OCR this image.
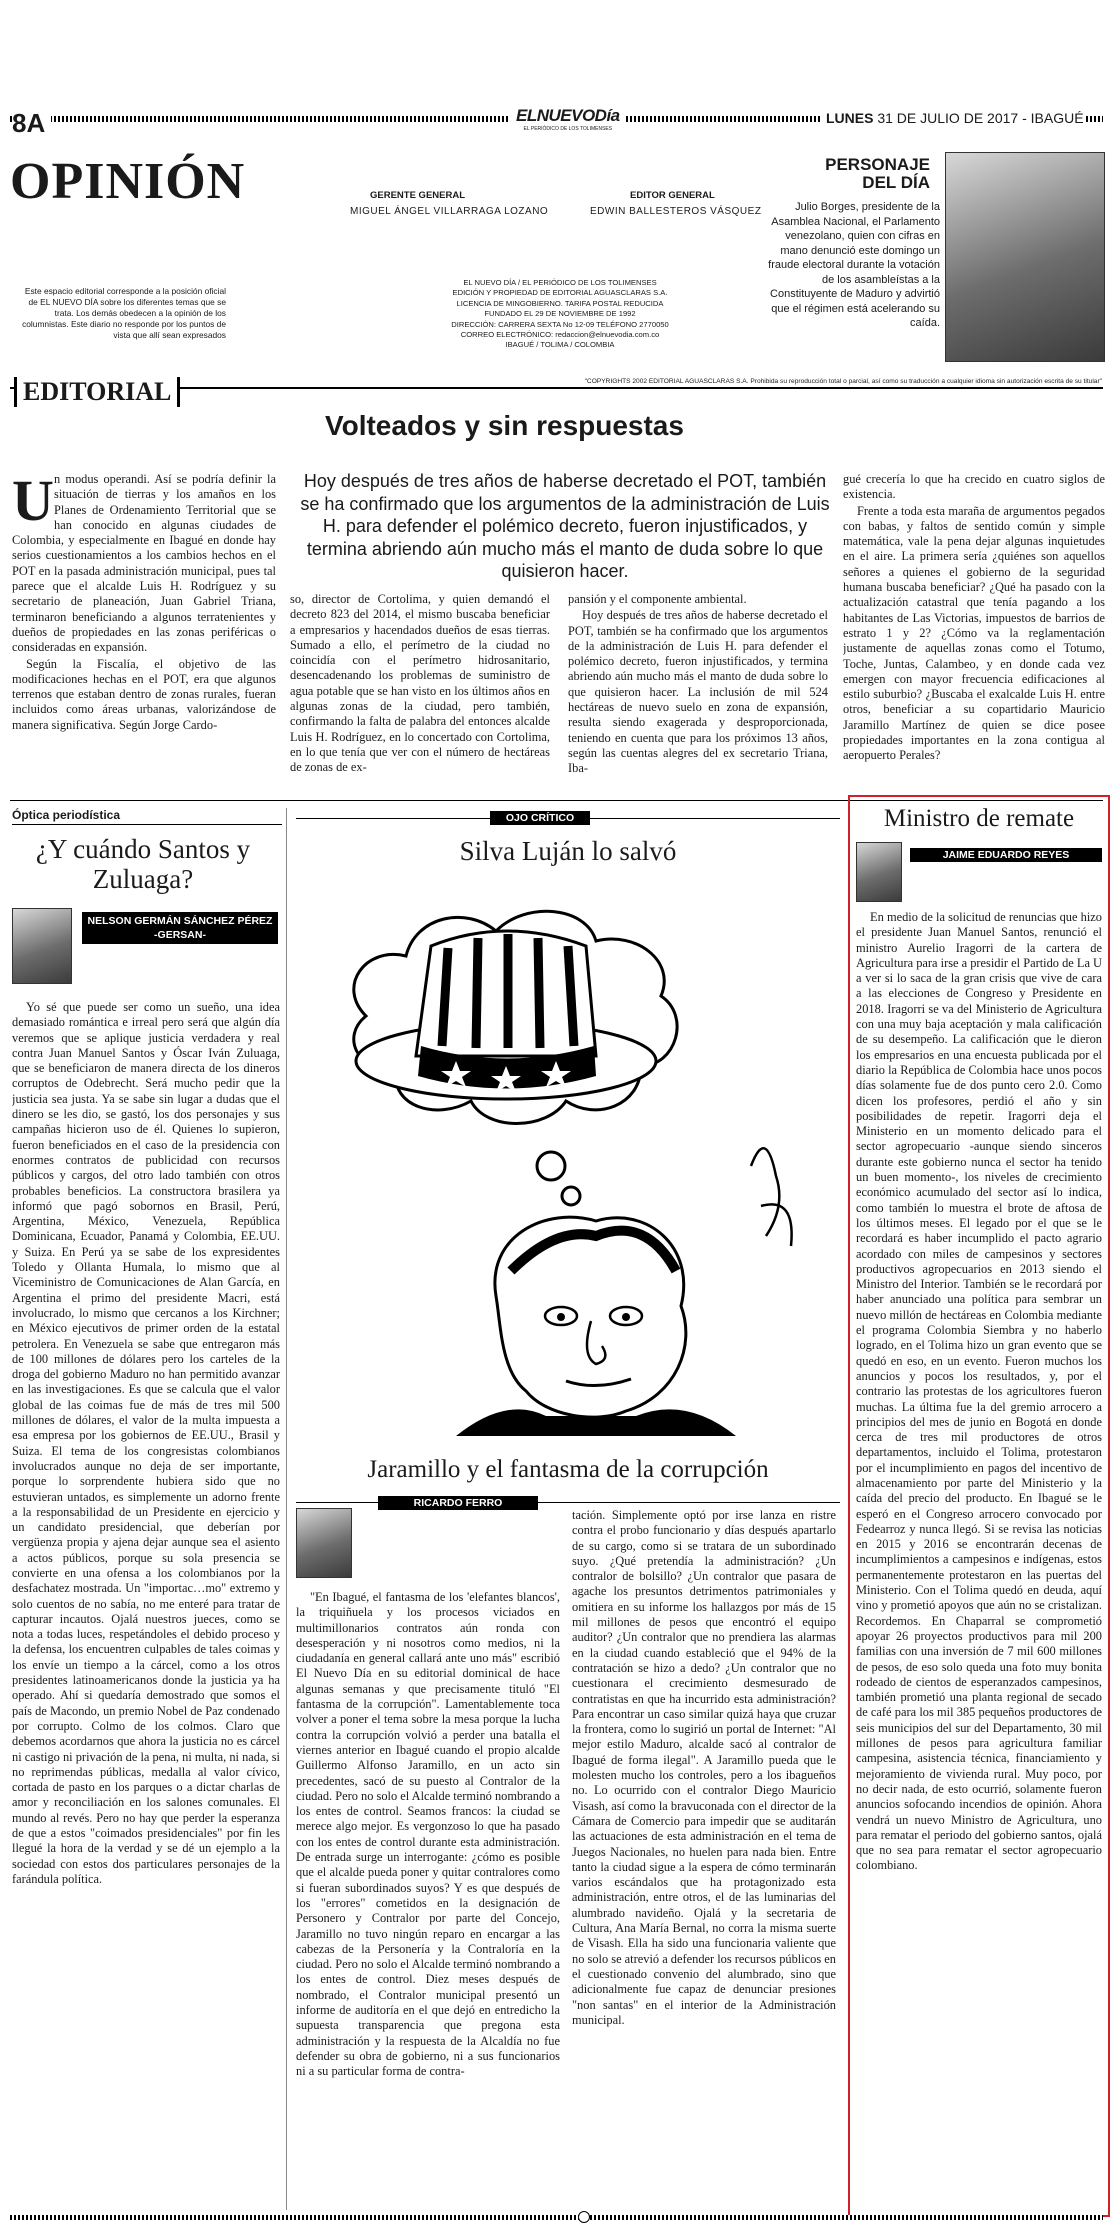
8A	ELNUEVODía
EL PERIÓDICO DE LOS TOLIMENSES
LUNES 31 DE JULIO DE 2017 - IBAGUÉ
OPINIÓN	GERENTE GENERAL
MIGUEL ÁNGEL VILLARRAGA LOZANO
EDITOR GENERAL
EDWIN BALLESTEROS VÁSQUEZ
EL NUEVO DÍA / EL PERIÓDICO DE LOS TOLIMENSES
EDICIÓN Y PROPIEDAD DE EDITORIAL AGUASCLARAS S.A.
LICENCIA DE MINGOBIERNO. TARIFA POSTAL REDUCIDA
FUNDADO EL 29 DE NOVIEMBRE DE 1992
DIRECCIÓN: CARRERA SEXTA No 12-09 TELÉFONO 2770050
CORREO ELECTRÓNICO: redaccion@elnuevodia.com.co
IBAGUÉ / TOLIMA / COLOMBIA
Este espacio editorial corresponde a la posición oficial de EL NUEVO DÍA sobre los diferentes temas que se trata. Los demás obedecen a la opinión de los columnistas. Este diario no responde por los puntos de vista que allí sean expresados
PERSONAJE DEL DÍA
Julio Borges, presidente de la Asamblea Nacional, el Parlamento venezolano, quien con cifras en mano denunció este domingo un fraude electoral durante la votación de los asambleístas a la Constituyente de Maduro y advirtió que el régimen está acelerando su caída.
EDITORIAL	"COPYRIGHTS 2002 EDITORIAL AGUASCLARAS S.A. Prohibida su reproducción total o parcial, así como su traducción a cualquier idioma sin autorización escrita de su titular"
Volteados y sin respuestas
Hoy después de tres años de haberse decretado el POT, también se ha confirmado que los argumentos de la administración de Luis H. para defender el polémico decreto, fueron injustificados, y termina abriendo aún mucho más el manto de duda sobre lo que quisieron hacer.
U n modus operandi. Así se podría definir la situación de tierras y los amaños en los Planes de Ordenamiento Territorial que se han conocido en algunas ciudades de Colombia, y especialmente en Ibagué en donde hay serios cuestionamientos a los cambios hechos en el POT en la pasada administración municipal, pues tal parece que el alcalde Luis H. Rodríguez y su secretario de planeación, Juan Gabriel Triana, terminaron beneficiando a algunos terratenientes y dueños de propiedades en las zonas periféricas o consideradas en expansión.

Según la Fiscalía, el objetivo de las modificaciones hechas en el POT, era que algunos terrenos que estaban dentro de zonas rurales, fueran incluidos como áreas urbanas, valorizándose de manera significativa. Según Jorge Cardo-

so, director de Cortolima, y quien demandó el decreto 823 del 2014, el mismo buscaba beneficiar a empresarios y hacendados dueños de esas tierras. Sumado a ello, el perímetro de la ciudad no coincidía con el perímetro hidrosanitario, desencadenando los problemas de suministro de agua potable que se han visto en los últimos años en algunas zonas de la ciudad, pero también, confirmando la falta de palabra del entonces alcalde Luis H. Rodríguez, en lo concertado con Cortolima, en lo que tenía que ver con el número de hectáreas de zonas de ex-

pansión y el componente ambiental.

Hoy después de tres años de haberse decretado el POT, también se ha confirmado que los argumentos de la administración de Luis H. para defender el polémico decreto, fueron injustificados, y termina abriendo aún mucho más el manto de duda sobre lo que quisieron hacer. La inclusión de mil 524 hectáreas de nuevo suelo en zona de expansión, resulta siendo exagerada y desproporcionada, teniendo en cuenta que para los próximos 13 años, según las cuentas alegres del ex secretario Triana, Iba-

gué crecería lo que ha crecido en cuatro siglos de existencia.

Frente a toda esta maraña de argumentos pegados con babas, y faltos de sentido común y simple matemática, vale la pena dejar algunas inquietudes en el aire. La primera sería ¿quiénes son aquellos señores a quienes el gobierno de la seguridad humana buscaba beneficiar? ¿Qué ha pasado con la actualización catastral que tenía pagando a los habitantes de Las Victorias, impuestos de barrios de estrato 1 y 2? ¿Cómo va la reglamentación justamente de aquellas zonas como el Totumo, Toche, Juntas, Calambeo, y en donde cada vez emergen con mayor frecuencia edificaciones al estilo suburbio? ¿Buscaba el exalcalde Luis H. entre otros, beneficiar a su copartidario Mauricio Jaramillo Martínez de quien se dice posee propiedades importantes en la zona contigua al aeropuerto Perales?

Óptica periodística
¿Y cuándo Santos y Zuluaga?
NELSON GERMÁN SÁNCHEZ PÉREZ -GERSAN-
Yo sé que puede ser como un sueño, una idea demasiado romántica e irreal pero será que algún día veremos que se aplique justicia verdadera y real contra Juan Manuel Santos y Óscar Iván Zuluaga, que se beneficiaron de manera directa de los dineros corruptos de Odebrecht. Será mucho pedir que la justicia sea justa. Ya se sabe sin lugar a dudas que el dinero se les dio, se gastó, los dos personajes y sus campañas hicieron uso de él. Quienes lo supieron, fueron beneficiados en el caso de la presidencia con enormes contratos de publicidad con recursos públicos y cargos, del otro lado también con otros probables beneficios. La constructora brasilera ya informó que pagó sobornos en Brasil, Perú, Argentina, México, Venezuela, República Dominicana, Ecuador, Panamá y Colombia, EE.UU. y Suiza. En Perú ya se sabe de los expresidentes Toledo y Ollanta Humala, lo mismo que al Viceministro de Comunicaciones de Alan García, en Argentina el primo del presidente Macri, está involucrado, lo mismo que cercanos a los Kirchner; en México ejecutivos de primer orden de la estatal petrolera. En Venezuela se sabe que entregaron más de 100 millones de dólares pero los carteles de la droga del gobierno Maduro no han permitido avanzar en las investigaciones. Es que se calcula que el valor global de las coimas fue de más de tres mil 500 millones de dólares, el valor de la multa impuesta a esa empresa por los gobiernos de EE.UU., Brasil y Suiza. El tema de los congresistas colombianos involucrados aunque no deja de ser importante, porque lo sorprendente hubiera sido que no estuvieran untados, es simplemente un adorno frente a la responsabilidad de un Presidente en ejercicio y un candidato presidencial, que deberían por vergüenza propia y ajena dejar aunque sea el asiento a actos públicos, porque su sola presencia se convierte en una ofensa a los colombianos por la desfachatez mostrada. Un "importac…mo" extremo y solo cuentos de no sabía, no me enteré para tratar de capturar incautos. Ojalá nuestros jueces, como se nota a todas luces, respetándoles el debido proceso y la defensa, los encuentren culpables de tales coimas y los envíe un tiempo a la cárcel, como a los otros presidentes latinoamericanos donde la justicia ya ha operado. Ahí si quedaría demostrado que somos el país de Macondo, un premio Nobel de Paz condenado por corrupto. Colmo de los colmos. Claro que debemos acordarnos que ahora la justicia no es cárcel ni castigo ni privación de la pena, ni multa, ni nada, si no reprimendas públicas, medalla al valor cívico, cortada de pasto en los parques o a dictar charlas de amor y reconciliación en los salones comunales. El mundo al revés. Pero no hay que perder la esperanza de que a estos "coimados presidenciales" por fin les llegué la hora de la verdad y se dé un ejemplo a la sociedad con estos dos particulares personajes de la farándula política.
OJO CRÍTICO
Silva Luján lo salvó
Jaramillo y el fantasma de la corrupción
RICARDO FERRO
"En Ibagué, el fantasma de los 'elefantes blancos', la triquiñuela y los procesos viciados en multimillonarios contratos aún ronda con desesperación y ni nosotros como medios, ni la ciudadanía en general callará ante uno más" escribió El Nuevo Día en su editorial dominical de hace algunas semanas y que precisamente tituló "El fantasma de la corrupción". Lamentablemente toca volver a poner el tema sobre la mesa porque la lucha contra la corrupción volvió a perder una batalla el viernes anterior en Ibagué cuando el propio alcalde Guillermo Alfonso Jaramillo, en un acto sin precedentes, sacó de su puesto al Contralor de la ciudad. Pero no solo el Alcalde terminó nombrando a los entes de control. Seamos francos: la ciudad se merece algo mejor. Es vergonzoso lo que ha pasado con los entes de control durante esta administración. De entrada surge un interrogante: ¿cómo es posible que el alcalde pueda poner y quitar contralores como si fueran subordinados suyos? Y es que después de los "errores" cometidos en la designación de Personero y Contralor por parte del Concejo, Jaramillo no tuvo ningún reparo en encargar a las cabezas de la Personería y la Contraloría en la ciudad. Pero no solo el Alcalde terminó nombrando a los entes de control. Diez meses después de nombrado, el Contralor municipal presentó un informe de auditoría en el que dejó en entredicho la supuesta transparencia que pregona esta administración y la respuesta de la Alcaldía no fue defender su obra de gobierno, ni a sus funcionarios ni a su particular forma de contra-
tación. Simplemente optó por irse lanza en ristre contra el probo funcionario y días después apartarlo de su cargo, como si se tratara de un subordinado suyo. ¿Qué pretendía la administración? ¿Un contralor de bolsillo? ¿Un contralor que pasara de agache los presuntos detrimentos patrimoniales y omitiera en su informe los hallazgos por más de 15 mil millones de pesos que encontró el equipo auditor? ¿Un contralor que no prendiera las alarmas en la ciudad cuando estableció que el 94% de la contratación se hizo a dedo? ¿Un contralor que no cuestionara el crecimiento desmesurado de contratistas en que ha incurrido esta administración? Para encontrar un caso similar quizá haya que cruzar la frontera, como lo sugirió un portal de Internet: "Al mejor estilo Maduro, alcalde sacó al contralor de Ibagué de forma ilegal". A Jaramillo pueda que le molesten mucho los controles, pero a los ibagueños no. Lo ocurrido con el contralor Diego Mauricio Visash, así como la bravuconada con el director de la Cámara de Comercio para impedir que se auditarán las actuaciones de esta administración en el tema de Juegos Nacionales, no huelen para nada bien. Entre tanto la ciudad sigue a la espera de cómo terminarán varios escándalos que ha protagonizado esta administración, entre otros, el de las luminarias del alumbrado navideño. Ojalá y la secretaria de Cultura, Ana María Bernal, no corra la misma suerte de Visash. Ella ha sido una funcionaria valiente que no solo se atrevió a defender los recursos públicos en el cuestionado convenio del alumbrado, sino que adicionalmente fue capaz de denunciar presiones "non santas" en el interior de la Administración municipal.
Ministro de remate
JAIME EDUARDO REYES
En medio de la solicitud de renuncias que hizo el presidente Juan Manuel Santos, renunció el ministro Aurelio Iragorri de la cartera de Agricultura para irse a presidir el Partido de La U a ver si lo saca de la gran crisis que vive de cara a las elecciones de Congreso y Presidente en 2018. Iragorri se va del Ministerio de Agricultura con una muy baja aceptación y mala calificación de su desempeño. La calificación que le dieron los empresarios en una encuesta publicada por el diario la República de Colombia hace unos pocos días solamente fue de dos punto cero 2.0. Como dicen los profesores, perdió el año y sin posibilidades de repetir. Iragorri deja el Ministerio en un momento delicado para el sector agropecuario -aunque siendo sinceros durante este gobierno nunca el sector ha tenido un buen momento-, los niveles de crecimiento económico acumulado del sector así lo indica, como también lo muestra el brote de aftosa de los últimos meses. El legado por el que se le recordará es haber incumplido el pacto agrario acordado con miles de campesinos y sectores productivos agropecuarios en 2013 siendo el Ministro del Interior. También se le recordará por haber anunciado una política para sembrar un nuevo millón de hectáreas en Colombia mediante el programa Colombia Siembra y no haberlo logrado, en el Tolima hizo un gran evento que se quedó en eso, en un evento. Fueron muchos los anuncios y pocos los resultados, y, por el contrario las protestas de los agricultores fueron muchas. La última fue la del gremio arrocero a principios del mes de junio en Bogotá en donde cerca de tres mil productores de otros departamentos, incluido el Tolima, protestaron por el incumplimiento en pagos del incentivo de almacenamiento por parte del Ministerio y la caída del precio del producto. En Ibagué se le esperó en el Congreso arrocero convocado por Fedearroz y nunca llegó. Si se revisa las noticias en 2015 y 2016 se encontrarán decenas de incumplimientos a campesinos e indígenas, estos permanentemente protestaron en las puertas del Ministerio. Con el Tolima quedó en deuda, aquí vino y prometió apoyos que aún no se cristalizan. Recordemos. En Chaparral se comprometió apoyar 26 proyectos productivos para mil 200 familias con una inversión de 7 mil 600 millones de pesos, de eso solo queda una foto muy bonita rodeado de cientos de esperanzados campesinos, también prometió una planta regional de secado de café para los mil 385 pequeños productores de seis municipios del sur del Departamento, 30 mil millones de pesos para agricultura familiar campesina, asistencia técnica, financiamiento y mejoramiento de vivienda rural. Muy poco, por no decir nada, de esto ocurrió, solamente fueron anuncios sofocando incendios de opinión. Ahora vendrá un nuevo Ministro de Agricultura, uno para rematar el periodo del gobierno santos, ojalá que no sea para rematar el sector agropecuario colombiano.
